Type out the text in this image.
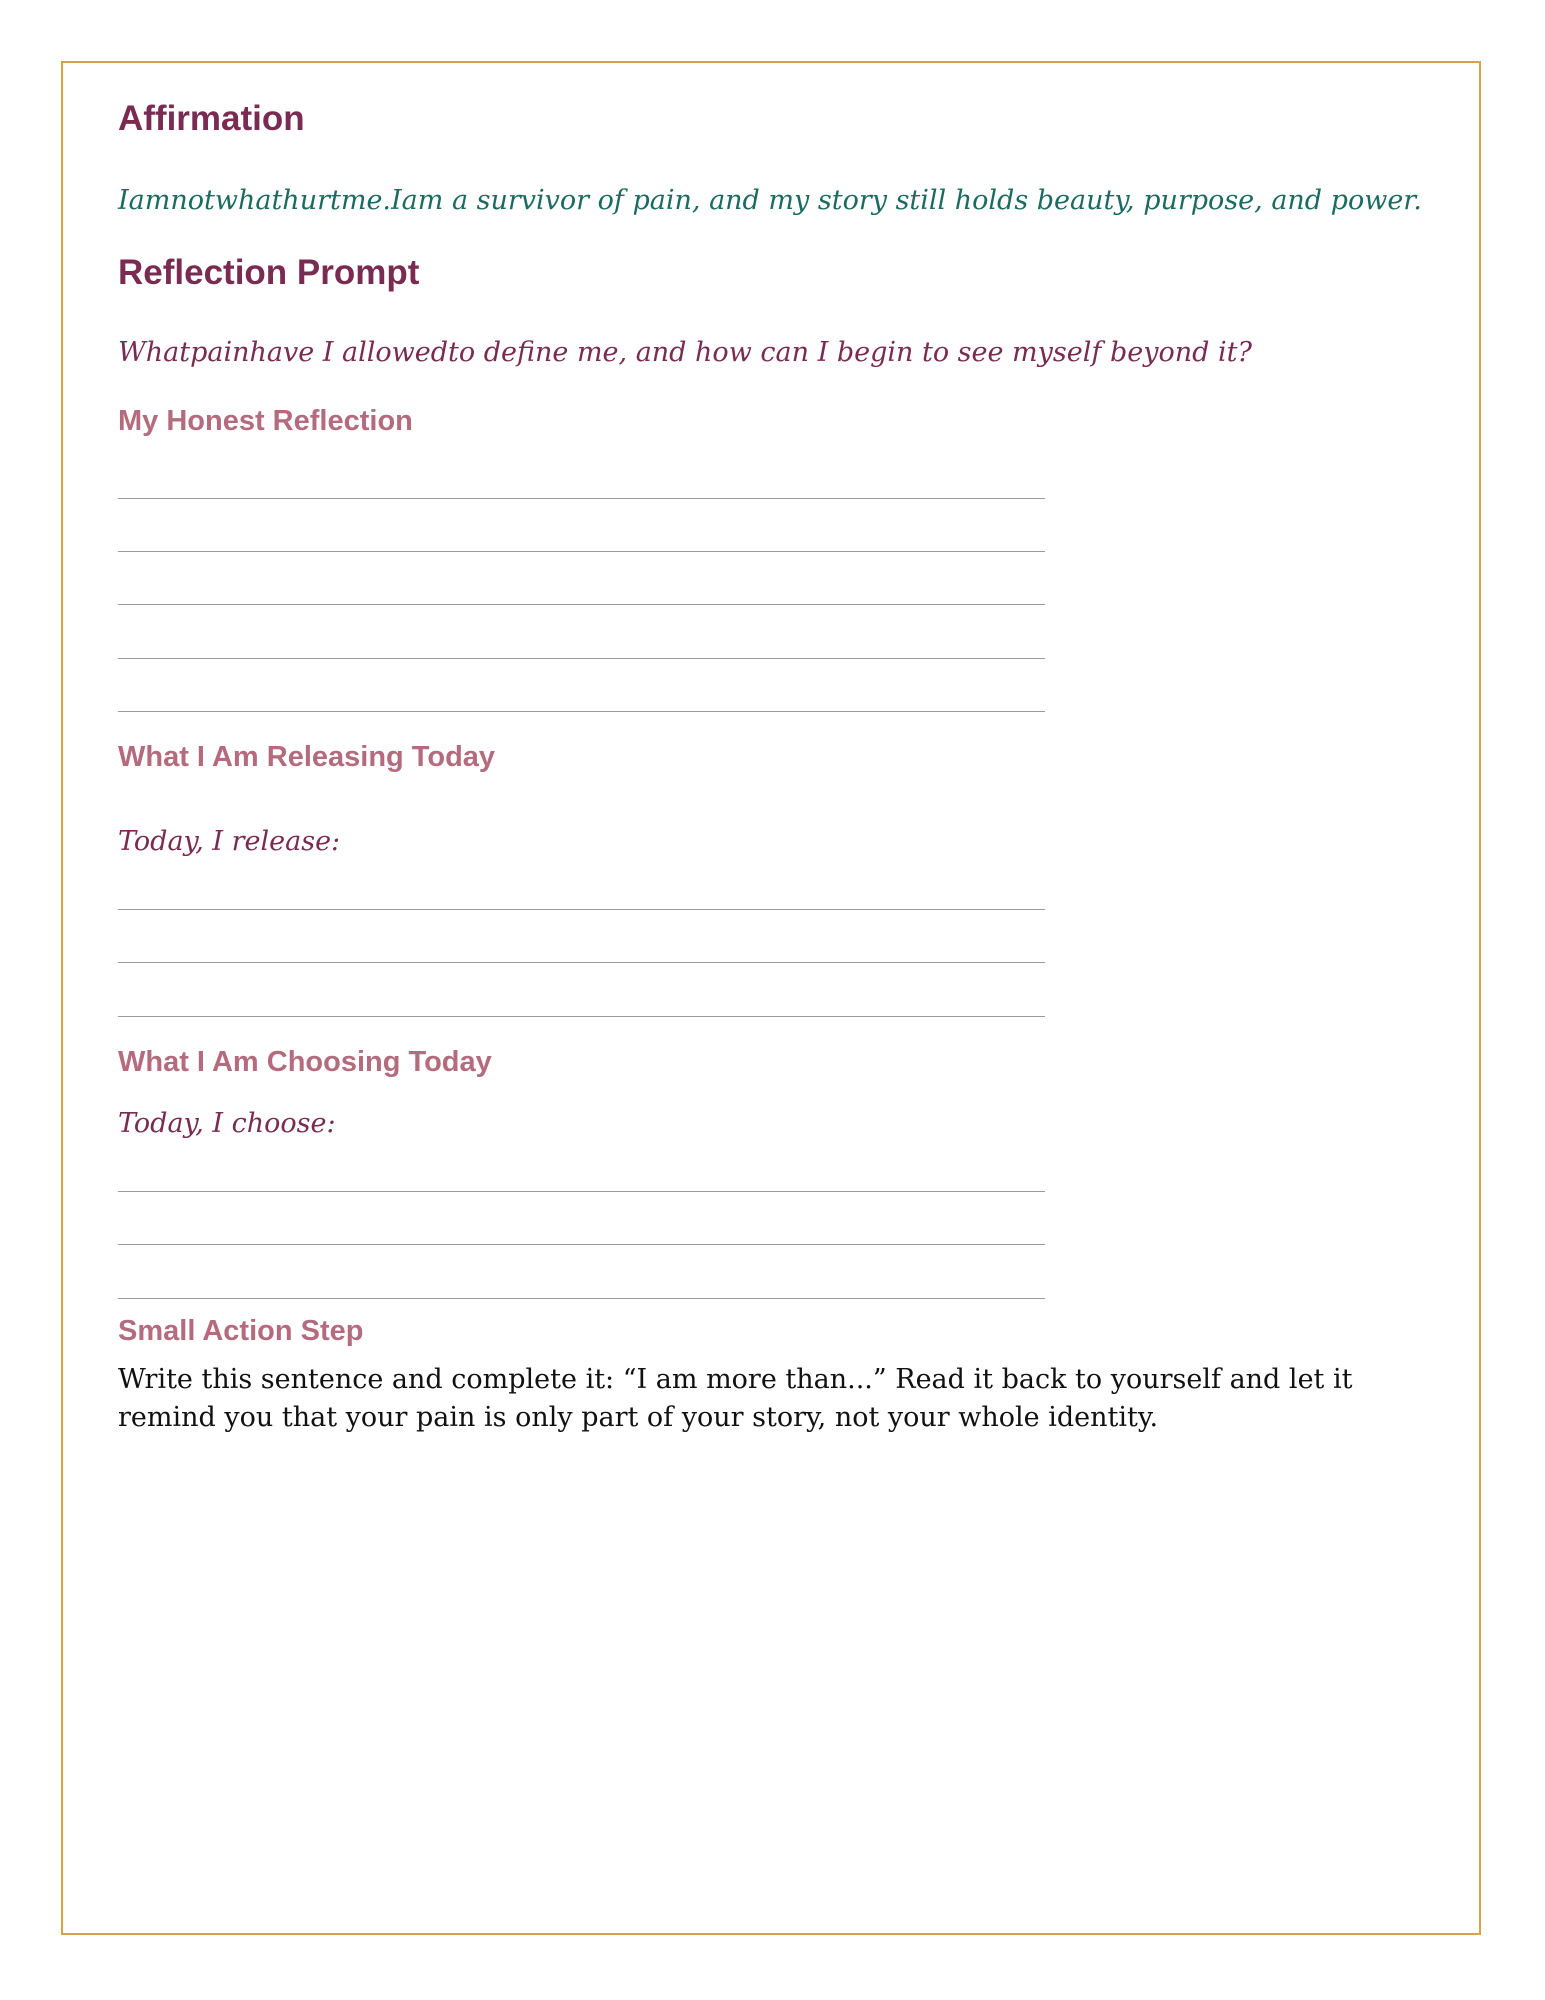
Affirmation
Iamnotwhathurtme.Iam a survivor of pain, and my story still holds beauty, purpose, and power.
Reflection Prompt
Whatpainhave I allowedto define me, and how can I begin to see myself beyond it?
My Honest Reflection
What I Am Releasing Today
Today, I release:
What I Am Choosing Today
Today, I choose:
Small Action Step
Write this sentence and complete it: “I am more than...” Read it back to yourself and let it remind you that your pain is only part of your story, not your whole identity.
